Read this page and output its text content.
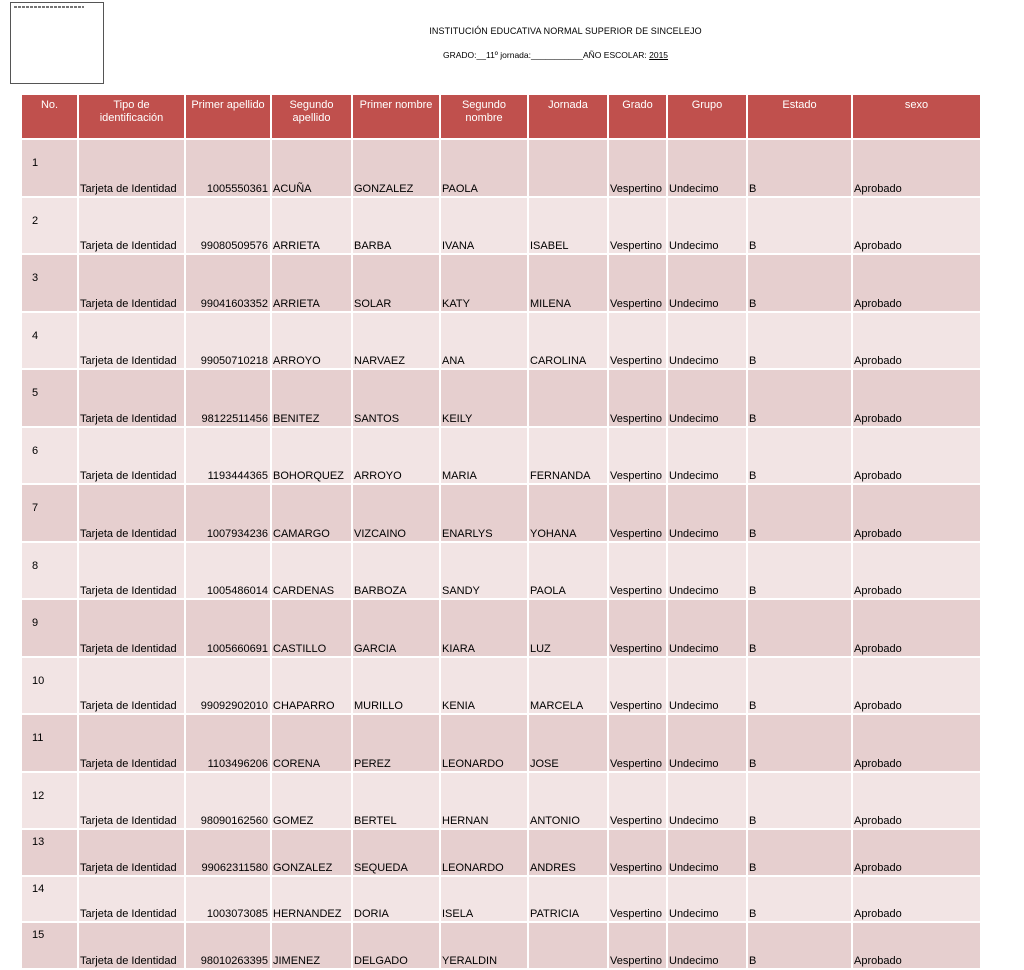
INSTITUCIÓN EDUCATIVA NORMAL SUPERIOR DE SINCELEJO
GRADO:__11º jornada:___________AÑO ESCOLAR: 2015
No.	Tipo de identificación	Primer apellido	Segundo apellido	Primer nombre	Segundo nombre	Jornada	Grado	Grupo	Estado	sexo
1	Tarjeta de Identidad	1005550361	ACUÑA	GONZALEZ	PAOLA		Vespertino	Undecimo	B	Aprobado
2	Tarjeta de Identidad	99080509576	ARRIETA	BARBA	IVANA	ISABEL	Vespertino	Undecimo	B	Aprobado
3	Tarjeta de Identidad	99041603352	ARRIETA	SOLAR	KATY	MILENA	Vespertino	Undecimo	B	Aprobado
4	Tarjeta de Identidad	99050710218	ARROYO	NARVAEZ	ANA	CAROLINA	Vespertino	Undecimo	B	Aprobado
5	Tarjeta de Identidad	98122511456	BENITEZ	SANTOS	KEILY		Vespertino	Undecimo	B	Aprobado
6	Tarjeta de Identidad	1193444365	BOHORQUEZ	ARROYO	MARIA	FERNANDA	Vespertino	Undecimo	B	Aprobado
7	Tarjeta de Identidad	1007934236	CAMARGO	VIZCAINO	ENARLYS	YOHANA	Vespertino	Undecimo	B	Aprobado
8	Tarjeta de Identidad	1005486014	CARDENAS	BARBOZA	SANDY	PAOLA	Vespertino	Undecimo	B	Aprobado
9	Tarjeta de Identidad	1005660691	CASTILLO	GARCIA	KIARA	LUZ	Vespertino	Undecimo	B	Aprobado
10	Tarjeta de Identidad	99092902010	CHAPARRO	MURILLO	KENIA	MARCELA	Vespertino	Undecimo	B	Aprobado
11	Tarjeta de Identidad	1103496206	CORENA	PEREZ	LEONARDO	JOSE	Vespertino	Undecimo	B	Aprobado
12	Tarjeta de Identidad	98090162560	GOMEZ	BERTEL	HERNAN	ANTONIO	Vespertino	Undecimo	B	Aprobado
13	Tarjeta de Identidad	99062311580	GONZALEZ	SEQUEDA	LEONARDO	ANDRES	Vespertino	Undecimo	B	Aprobado
14	Tarjeta de Identidad	1003073085	HERNANDEZ	DORIA	ISELA	PATRICIA	Vespertino	Undecimo	B	Aprobado
15	Tarjeta de Identidad	98010263395	JIMENEZ	DELGADO	YERALDIN		Vespertino	Undecimo	B	Aprobado
